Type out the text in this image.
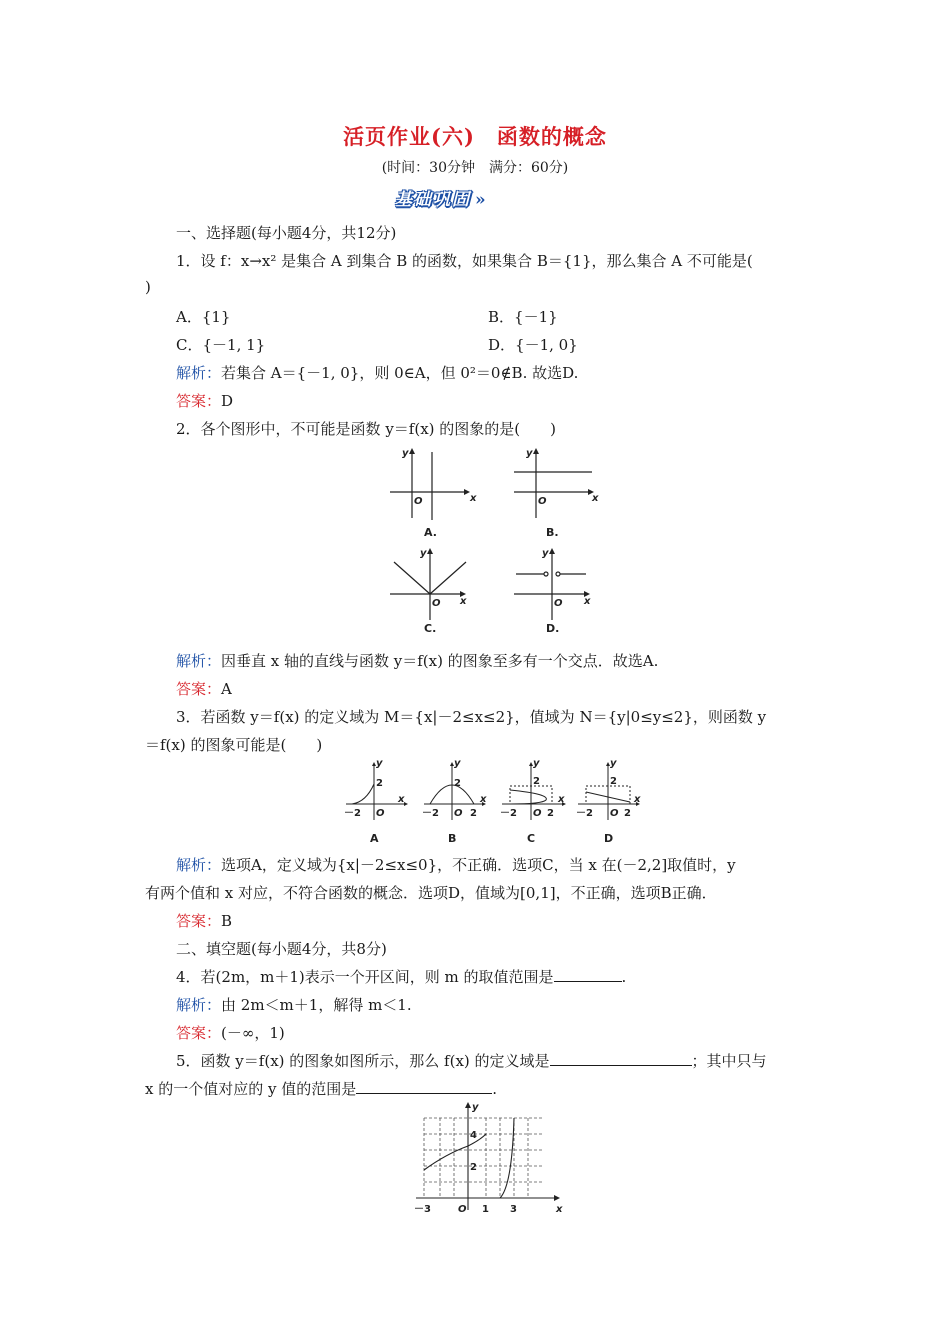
活页作业(六)　函数的概念
(时间：30分钟　满分：60分)
基础巩固 »
一、选择题(每小题4分，共12分)
1．设 f：x→x² 是集合 A 到集合 B 的函数，如果集合 B＝{1}，那么集合 A 不可能是(
)
A．{1}	B．{－1}
C．{－1, 1}	D．{－1, 0}
解析：若集合 A＝{－1, 0}，则 0∈A，但 0²＝0∉B. 故选D.
答案：D
2．各个图形中，不可能是函数 y＝f(x) 的图象的是(　　)
y
x
O
y
x
O
y
x
O
y
x
O
A.	B.
C.	D.
解析：因垂直 x 轴的直线与函数 y＝f(x) 的图象至多有一个交点．故选A.
答案：A
3．若函数 y＝f(x) 的定义域为 M＝{x|－2≤x≤2}，值域为 N＝{y|0≤y≤2}，则函数 y
＝f(x) 的图象可能是(　　)
y
2
－2 O
x
y
2
－2 O 2
x
y
2
－2 O 2
x
y
2
－2 O 2
x
A	B	C	D
解析：选项A，定义域为{x|－2≤x≤0}，不正确．选项C，当 x 在(－2,2]取值时，y
有两个值和 x 对应，不符合函数的概念．选项D，值域为[0,1]，不正确，选项B正确．
答案：B
二、填空题(每小题4分，共8分)
4．若(2m，m＋1)表示一个开区间，则 m 的取值范围是	.
解析：由 2m＜m＋1，解得 m＜1.
答案：(－∞，1)
5．函数 y＝f(x) 的图象如图所示，那么 f(x) 的定义域是	；其中只与
x 的一个值对应的 y 值的范围是	.
－3	O 1 3
2
4
x
y
